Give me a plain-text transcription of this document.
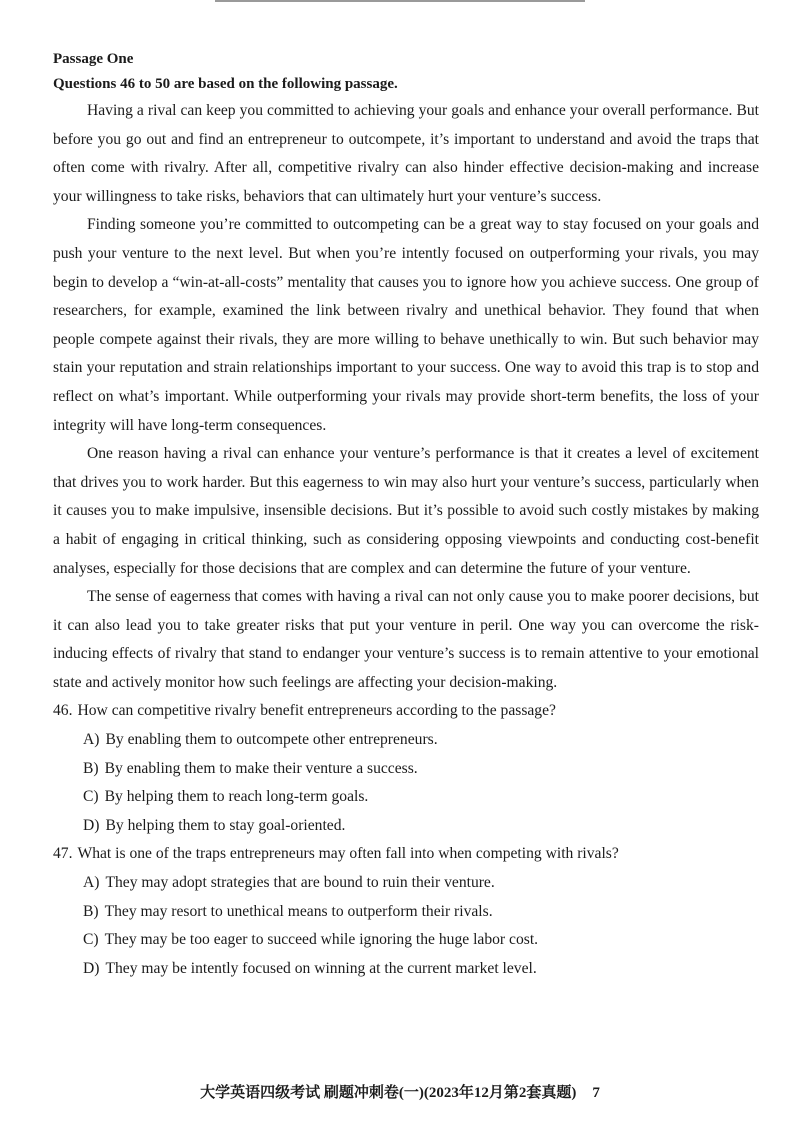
Passage One

Questions 46 to 50 are based on the following passage.

Having a rival can keep you committed to achieving your goals and enhance your overall performance. But before you go out and find an entrepreneur to outcompete, it’s important to understand and avoid the traps that often come with rivalry. After all, competitive rivalry can also hinder effective decision-making and increase your willingness to take risks, behaviors that can ultimately hurt your venture’s success.

Finding someone you’re committed to outcompeting can be a great way to stay focused on your goals and push your venture to the next level. But when you’re intently focused on outperforming your rivals, you may begin to develop a “win-at-all-costs” mentality that causes you to ignore how you achieve success. One group of researchers, for example, examined the link between rivalry and unethical behavior. They found that when people compete against their rivals, they are more willing to behave unethically to win. But such behavior may stain your reputation and strain relationships important to your success. One way to avoid this trap is to stop and reflect on what’s important. While outperforming your rivals may provide short-term benefits, the loss of your integrity will have long-term consequences.

One reason having a rival can enhance your venture’s performance is that it creates a level of excitement that drives you to work harder. But this eagerness to win may also hurt your venture’s success, particularly when it causes you to make impulsive, insensible decisions. But it’s possible to avoid such costly mistakes by making a habit of engaging in critical thinking, such as considering opposing viewpoints and conducting cost-benefit analyses, especially for those decisions that are complex and can determine the future of your venture.

The sense of eagerness that comes with having a rival can not only cause you to make poorer decisions, but it can also lead you to take greater risks that put your venture in peril. One way you can overcome the risk-inducing effects of rivalry that stand to endanger your venture’s success is to remain attentive to your emotional state and actively monitor how such feelings are affecting your decision-making.

46. How can competitive rivalry benefit entrepreneurs according to the passage?

A) By enabling them to outcompete other entrepreneurs.

B) By enabling them to make their venture a success.

C) By helping them to reach long-term goals.

D) By helping them to stay goal-oriented.

47. What is one of the traps entrepreneurs may often fall into when competing with rivals?

A) They may adopt strategies that are bound to ruin their venture.

B) They may resort to unethical means to outperform their rivals.

C) They may be too eager to succeed while ignoring the huge labor cost.

D) They may be intently focused on winning at the current market level.

大学英语四级考试 刷题冲刺卷(一)(2023年12月第2套真题) 7
